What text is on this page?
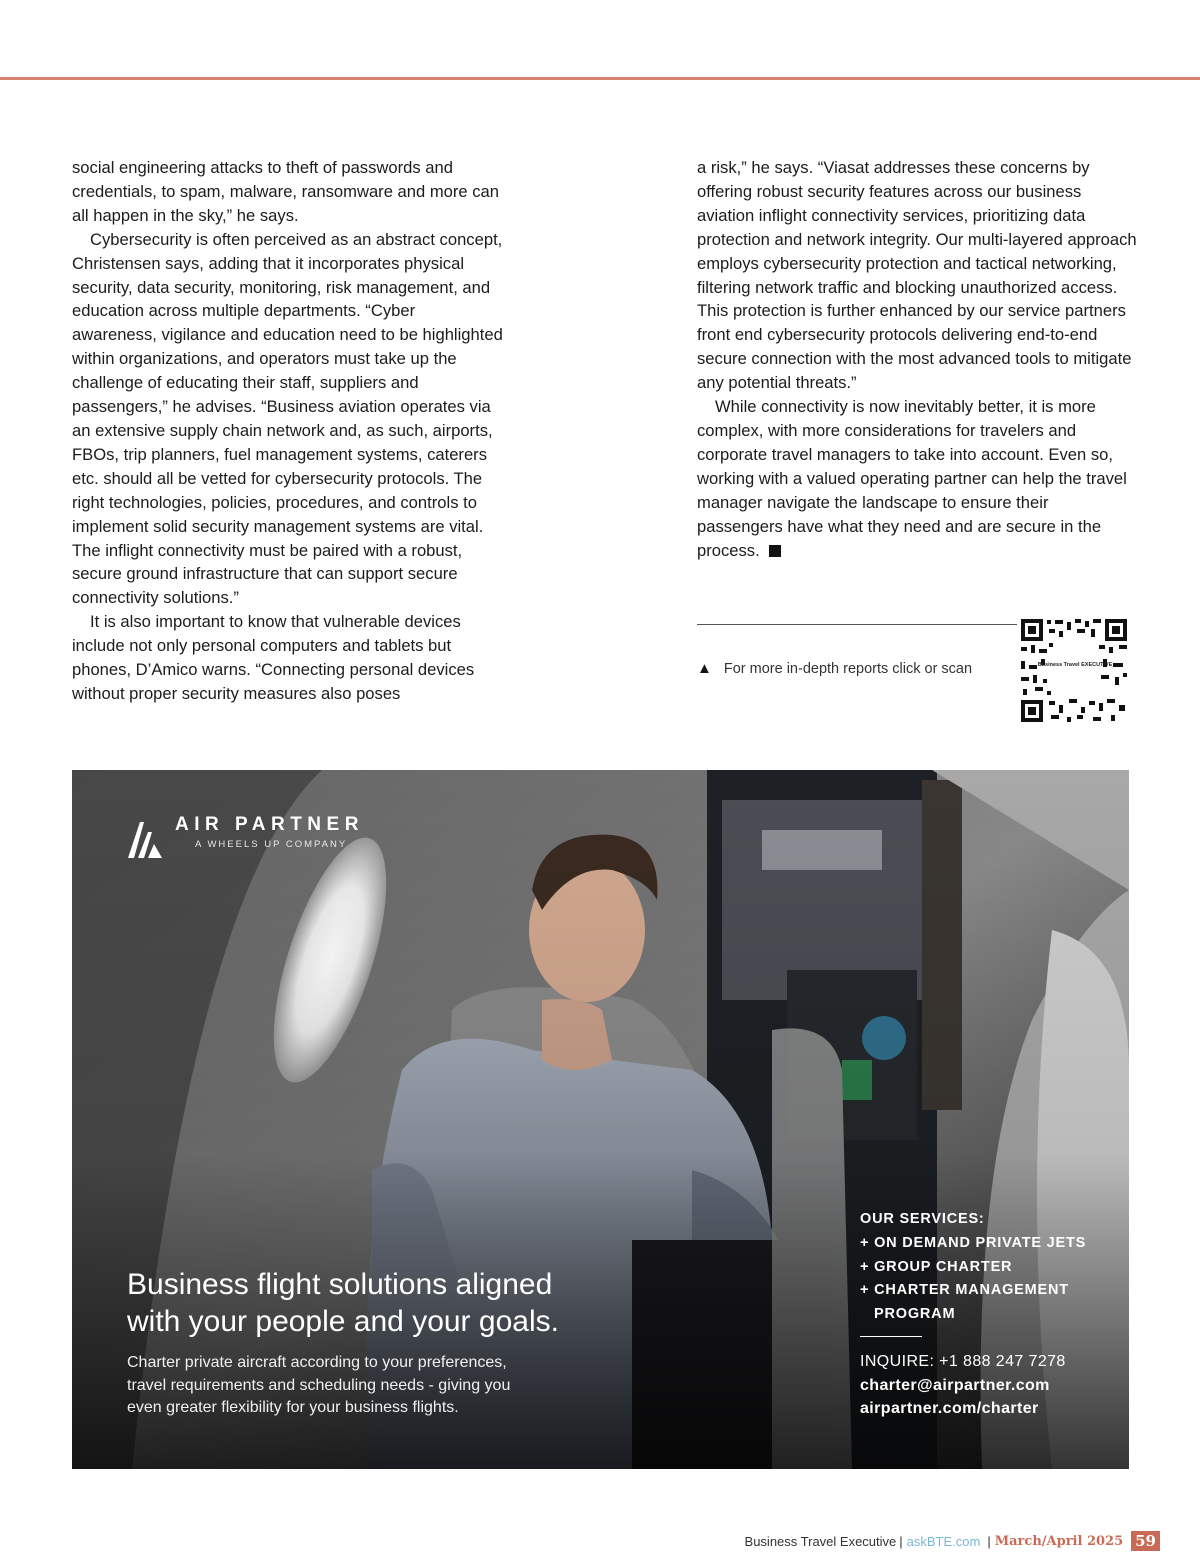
social engineering attacks to theft of passwords and credentials, to spam, malware, ransomware and more can all happen in the sky,” he says.

Cybersecurity is often perceived as an abstract concept, Christensen says, adding that it incorporates physical security, data security, monitoring, risk management, and education across multiple departments. “Cyber awareness, vigilance and education need to be highlighted within organizations, and operators must take up the challenge of educating their staff, suppliers and passengers,” he advises. “Business aviation operates via an extensive supply chain network and, as such, airports, FBOs, trip planners, fuel management systems, caterers etc. should all be vetted for cybersecurity protocols. The right technologies, policies, procedures, and controls to implement solid security management systems are vital. The inflight connectivity must be paired with a robust, secure ground infrastructure that can support secure connectivity solutions.”

It is also important to know that vulnerable devices include not only personal computers and tablets but phones, D’Amico warns. “Connecting personal devices without proper security measures also poses

a risk,” he says. “Viasat addresses these concerns by offering robust security features across our business aviation inflight connectivity services, prioritizing data protection and network integrity. Our multi-layered approach employs cybersecurity protection and tactical networking, filtering network traffic and blocking unauthorized access. This protection is further enhanced by our service partners front end cybersecurity protocols delivering end-to-end secure connection with the most advanced tools to mitigate any potential threats.”

While connectivity is now inevitably better, it is more complex, with more considerations for travelers and corporate travel managers to take into account. Even so, working with a valued operating partner can help the travel manager navigate the landscape to ensure their passengers have what they need and are secure in the process.

▲ For more in-depth reports click or scan	Business Travel EXECUTIVE
AIR PARTNER
A WHEELS UP COMPANY
Business flight solutions aligned
with your people and your goals.
Charter private aircraft according to your preferences,
travel requirements and scheduling needs - giving you
even greater flexibility for your business flights.
OUR SERVICES:
+ ON DEMAND PRIVATE JETS
+ GROUP CHARTER
+ CHARTER MANAGEMENT
PROGRAM
INQUIRE: +1 888 247 7278
charter@airpartner.com
airpartner.com/charter
Business Travel Executive | askBTE.com | March/April 2025 59
